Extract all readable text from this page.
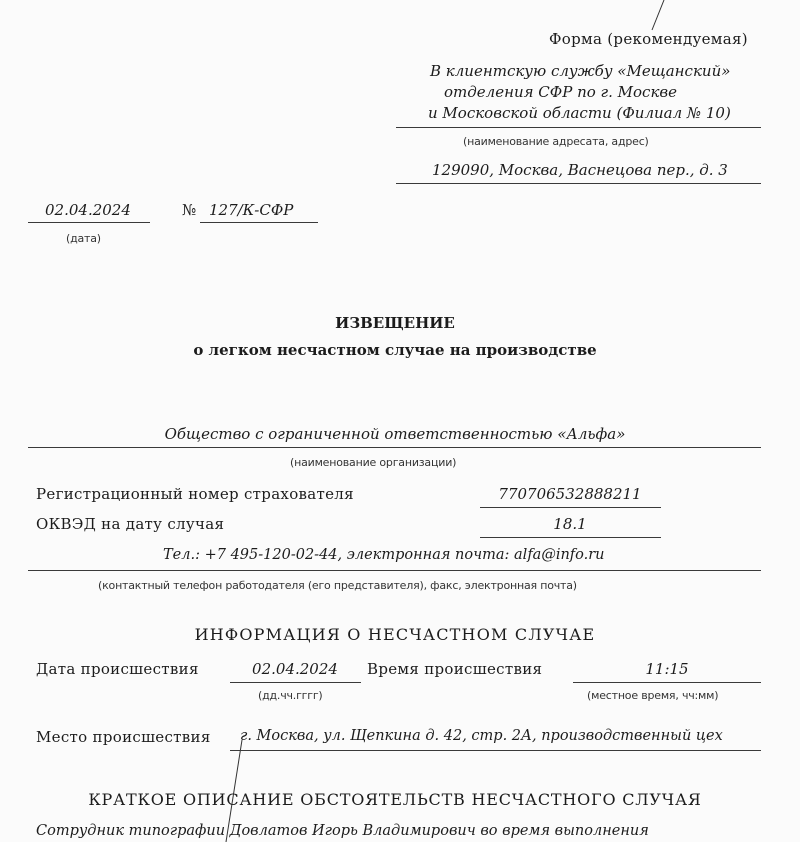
Форма (рекомендуемая)
В клиентскую службу «Мещанский»
отделения СФР по г. Москве
и Московской области (Филиал № 10)
(наименование адресата, адрес)
129090, Москва, Васнецова пер., д. 3
02.04.2024
(дата)
№ 127/К-СФР
ИЗВЕЩЕНИЕ
о легком несчастном случае на производстве
Общество с ограниченной ответственностью «Альфа»
(наименование организации)
Регистрационный номер страхователя	770706532888211
ОКВЭД на дату случая	18.1
Тел.: +7 495-120-02-44, электронная почта: alfa@info.ru
(контактный телефон работодателя (его представителя), факс, электронная почта)
ИНФОРМАЦИЯ О НЕСЧАСТНОМ СЛУЧАЕ
Дата происшествия	02.04.2024
(дд.чч.гггг)
Время происшествия	11:15
(местное время, чч:мм)
Место происшествия г. Москва, ул. Щепкина д. 42, стр. 2А, производственный цех
КРАТКОЕ ОПИСАНИЕ ОБСТОЯТЕЛЬСТВ НЕСЧАСТНОГО СЛУЧАЯ
Сотрудник типографии Довлатов Игорь Владимирович во время выполнения
